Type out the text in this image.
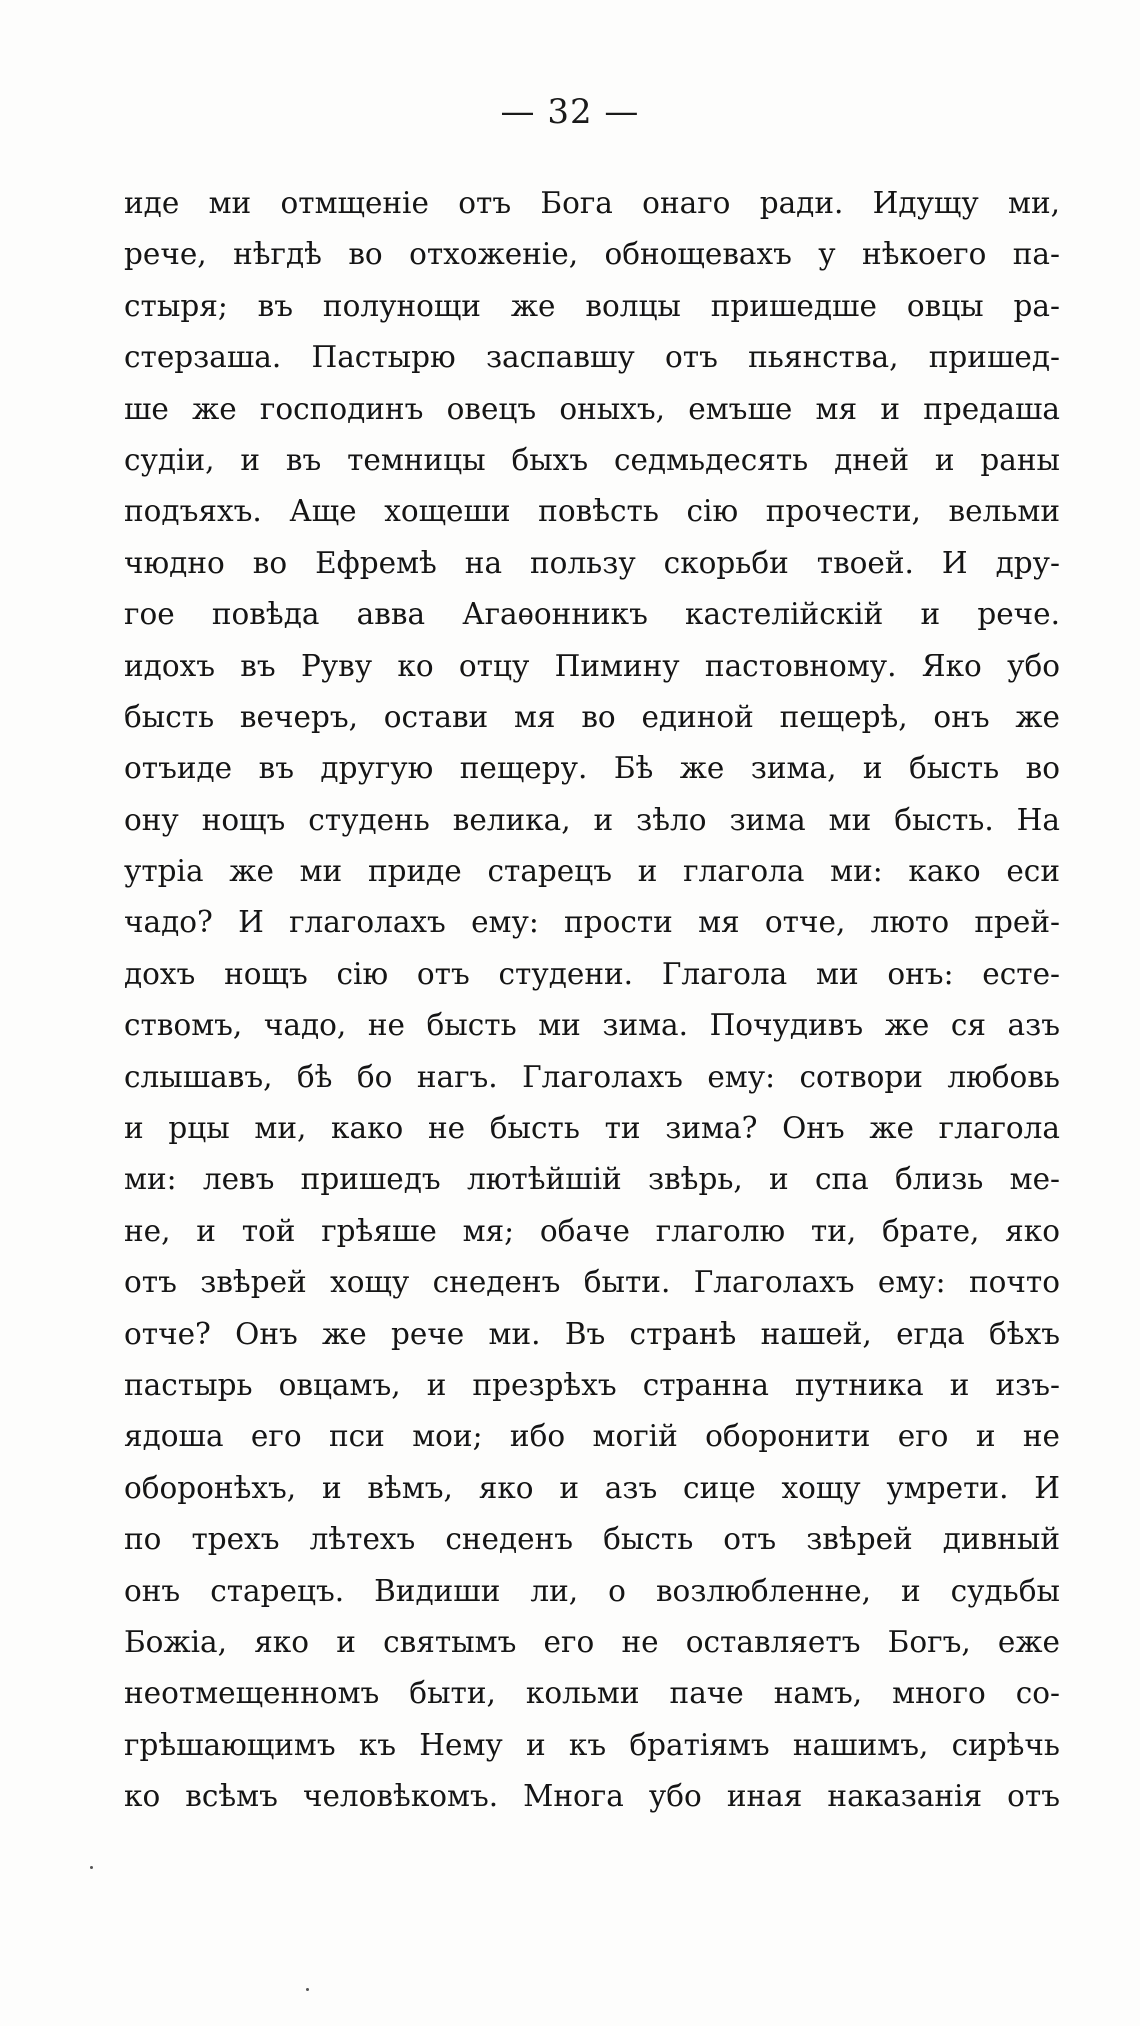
— 32 —
иде ми отмщеніе отъ Бога онаго ради. Идущу ми,
рече, нѣгдѣ во отхоженіе, обнощевахъ у нѣкоего па-
стыря; въ полунощи же волцы пришедше овцы ра-
стерзаша. Пастырю заспавшу отъ пьянства, пришед-
ше же господинъ овецъ оныхъ, емъше мя и предаша
судіи, и въ темницы быхъ седмьдесять дней и раны
подъяхъ. Аще хощеши повѣсть сію прочести, вельми
чюдно во Ефремѣ на пользу скорьби твоей. И дру-
гое повѣда авва Агаѳонникъ кастелійскій и рече.
идохъ въ Руву ко отцу Пимину пастовному. Яко убо
бысть вечеръ, остави мя во единой пещерѣ, онъ же
отъиде въ другую пещеру. Бѣ же зима, и бысть во
ону нощъ студень велика, и зѣло зима ми бысть. На
утріа же ми приде старецъ и глагола ми: како еси
чадо? И глаголахъ ему: прости мя отче, люто прей-
дохъ нощъ сію отъ студени. Глагола ми онъ: есте-
ствомъ, чадо, не бысть ми зима. Почудивъ же ся азъ
слышавъ, бѣ бо нагъ. Глаголахъ ему: сотвори любовь
и рцы ми, како не бысть ти зима? Онъ же глагола
ми: левъ пришедъ лютѣйшій звѣрь, и спа близь ме-
не, и той грѣяше мя; обаче глаголю ти, брате, яко
отъ звѣрей хощу снеденъ быти. Глаголахъ ему: почто
отче? Онъ же рече ми. Въ странѣ нашей, егда бѣхъ
пастырь овцамъ, и презрѣхъ странна путника и изъ-
ядоша его пси мои; ибо могій оборонити его и не
оборонѣхъ, и вѣмъ, яко и азъ сице хощу умрети. И
по трехъ лѣтехъ снеденъ бысть отъ звѣрей дивный
онъ старецъ. Видиши ли, о возлюбленне, и судьбы
Божіа, яко и святымъ его не оставляетъ Богъ, еже
неотмещенномъ быти, кольми паче намъ, много со-
грѣшающимъ къ Нему и къ братіямъ нашимъ, сирѣчь
ко всѣмъ человѣкомъ. Многа убо иная наказанія отъ
